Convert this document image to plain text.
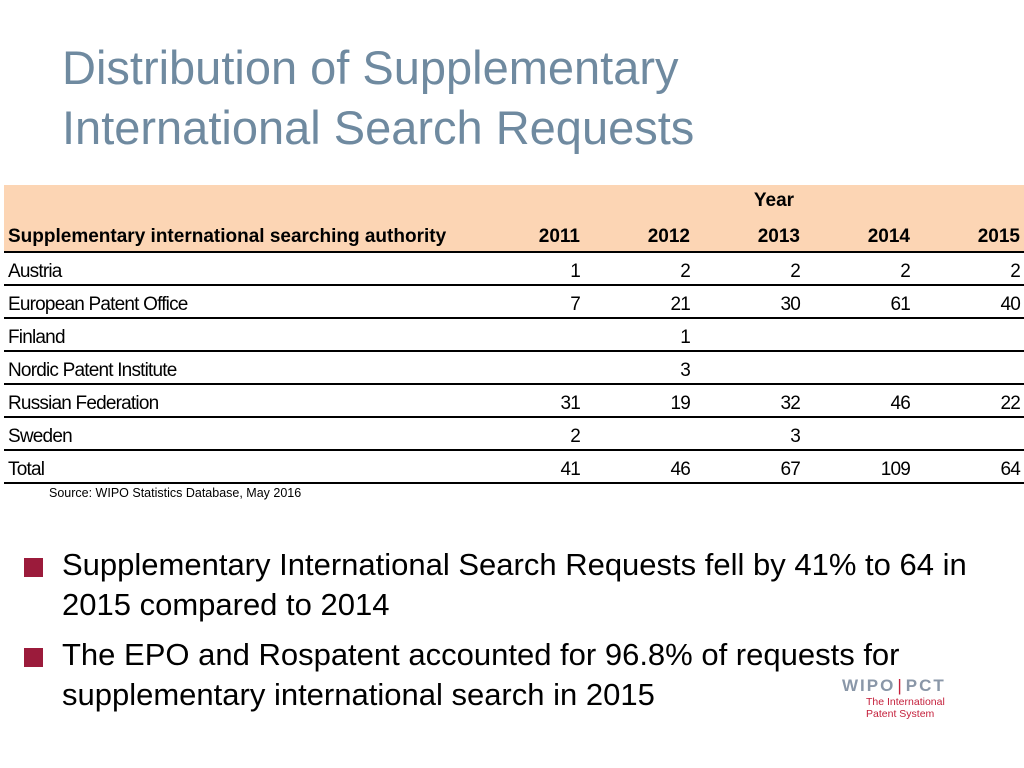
Distribution of Supplementary
International Search Requests
	Year				
Supplementary international searching authority	2011	2012	2013	2014	2015
Austria	1	2	2	2	2
European Patent Office	7	21	30	61	40
Finland		1			
Nordic Patent Institute		3			
Russian Federation	31	19	32	46	22
Sweden	2		3		
Total	41	46	67	109	64
Source: WIPO Statistics Database, May 2016
Supplementary International Search Requests fell by 41% to 64 in 2015 compared to 2014
The EPO and Rospatent accounted for 96.8% of requests for supplementary international search in 2015	WIPO | PCT
The International
Patent System
